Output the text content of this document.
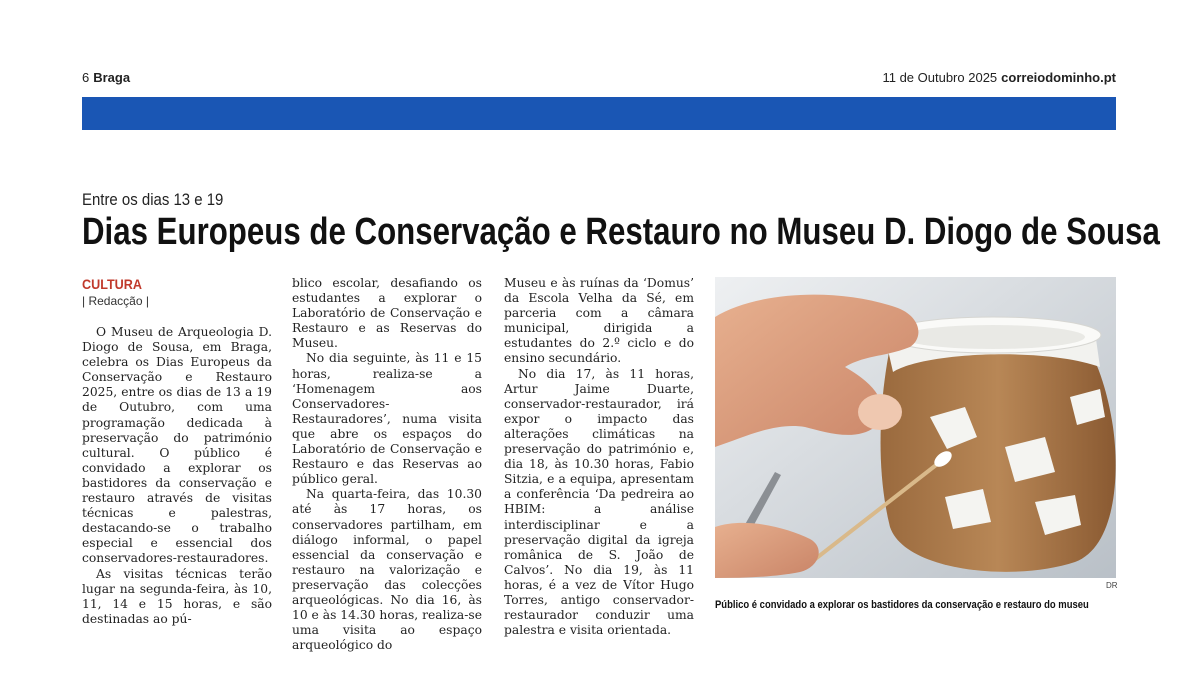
6 Braga	11 de Outubro 2025 correiodominho.pt
Entre os dias 13 e 19
Dias Europeus de Conservação e Restauro no Museu D. Diogo de Sousa
CULTURA
| Redacção |

O Museu de Arqueologia D. Diogo de Sousa, em Braga, celebra os Dias Europeus da Conservação e Restauro 2025, entre os dias de 13 a 19 de Outubro, com uma programação dedicada à preservação do património cultural. O público é convidado a explorar os bastidores da conservação e restauro através de visitas técnicas e palestras, destacando-se o trabalho especial e essencial dos conservadores-restauradores.

As visitas técnicas terão lugar na segunda-feira, às 10, 11, 14 e 15 horas, e são destinadas ao pú-

blico escolar, desafiando os estudantes a explorar o Laboratório de Conservação e Restauro e as Reservas do Museu.

No dia seguinte, às 11 e 15 horas, realiza-se a ‘Homenagem aos Conservadores-Restauradores’, numa visita que abre os espaços do Laboratório de Conservação e Restauro e das Reservas ao público geral.

Na quarta-feira, das 10.30 até às 17 horas, os conservadores partilham, em diálogo informal, o papel essencial da conservação e restauro na valorização e preservação das colecções arqueológicas. No dia 16, às 10 e às 14.30 horas, realiza-se uma visita ao espaço arqueológico do

Museu e às ruínas da ‘Domus’ da Escola Velha da Sé, em parceria com a câmara municipal, dirigida a estudantes do 2.º ciclo e do ensino secundário.

No dia 17, às 11 horas, Artur Jaime Duarte, conservador-restaurador, irá expor o impacto das alterações climáticas na preservação do património e, dia 18, às 10.30 horas, Fabio Sitzia, e a equipa, apresentam a conferência ‘Da pedreira ao HBIM: a análise interdisciplinar e a preservação digital da igreja românica de S. João de Calvos’. No dia 19, às 11 horas, é a vez de Vítor Hugo Torres, antigo conservador-restaurador conduzir uma palestra e visita orientada.

DR
Público é convidado a explorar os bastidores da conservação e restauro do museu
